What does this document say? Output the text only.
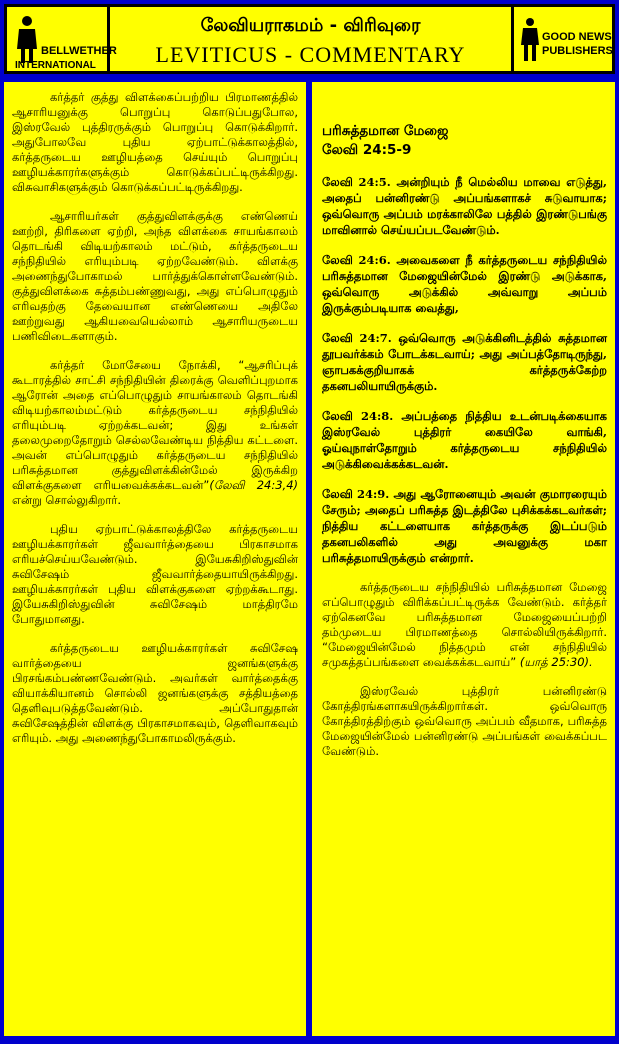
BELLWETHER
INTERNATIONAL
லேவியராகமம் - விரிவுரை
LEVITICUS - COMMENTARY
GOOD NEWS
PUBLISHERS

கர்த்தர் குத்து விளக்கைப்பற்றிய பிரமாணத்தில் ஆசாரியனுக்கு பொறுப்பு கொடுப்பதுபோல, இஸ்ரவேல் புத்திரருக்கும் பொறுப்பு கொடுக்கிறார். அதுபோலவே புதிய ஏற்பாட்டுக்காலத்தில், கர்த்தருடைய ஊழியத்தை செய்யும் பொறுப்பு ஊழியக்காரர்களுக்கும் கொடுக்கப்பட்டிருக்கிறது. விசுவாசிகளுக்கும் கொடுக்கப்பட்டிருக்கிறது.

ஆசாரியர்கள் குத்துவிளக்குக்கு எண்ணெய் ஊற்றி, திரிகளை ஏற்றி, அந்த விளக்கை சாயங்காலம் தொடங்கி விடியற்காலம் மட்டும், கர்த்தருடைய சந்நிதியில் எரியும்படி ஏற்றவேண்டும். விளக்கு அணைந்துபோகாமல் பார்த்துக்கொள்ளவேண்டும். குத்துவிளக்கை சுத்தம்பண்ணுவது, அது எப்பொழுதும் எரிவதற்கு தேவையான எண்ணெயை அதிலே ஊற்றுவது ஆகியவையெல்லாம் ஆசாரியருடைய பணிவிடைகளாகும்.

கர்த்தர் மோசேயை நோக்கி, “ஆசரிப்புக் கூடாரத்தில் சாட்சி சந்நிதியின் திரைக்கு வெளிப்புறமாக ஆரோன் அதை எப்பொழுதும் சாயங்காலம் தொடங்கி விடியற்காலம்மட்டும் கர்த்தருடைய சந்நிதியில் எரியும்படி ஏற்றக்கடவன்; இது உங்கள் தலைமுறைதோறும் செல்லவேண்டிய நித்திய கட்டளை. அவன் எப்பொழுதும் கர்த்தருடைய சந்நிதியில் பரிசுத்தமான குத்துவிளக்கின்மேல் இருக்கிற விளக்குகளை எரியவைக்கக்கடவன்”(லேவி 24:3,4) என்று சொல்லுகிறார்.

புதிய ஏற்பாட்டுக்காலத்திலே கர்த்தருடைய ஊழியக்காரர்கள் ஜீவவார்த்தையை பிரகாசமாக எரியச்செய்யவேண்டும். இயேசுகிறிஸ்துவின் சுவிசேஷம் ஜீவவார்த்தையாயிருக்கிறது. ஊழியக்காரர்கள் புதிய விளக்குகளை ஏற்றக்கூடாது. இயேசுகிறிஸ்துவின் சுவிசேஷம் மாத்திரமே போதுமானது.

கர்த்தருடைய ஊழியக்காரர்கள் சுவிசேஷ வார்த்தையை ஜனங்களுக்கு பிரசங்கம்பண்ணவேண்டும். அவர்கள் வார்த்தைக்கு வியாக்கியானம் சொல்லி ஜனங்களுக்கு சத்தியத்தை தெளிவுபடுத்தவேண்டும். அப்போதுதான் சுவிசேஷத்தின் விளக்கு பிரகாசமாகவும், தெளிவாகவும் எரியும். அது அணைந்துபோகாமலிருக்கும்.

பரிசுத்தமான மேஜை
லேவி 24:5-9

லேவி 24:5. அன்றியும் நீ மெல்லிய மாவை எடுத்து, அதைப் பன்னிரண்டு அப்பங்களாகச் சுடுவாயாக; ஒவ்வொரு அப்பம் மரக்காலிலே பத்தில் இரண்டுபங்கு மாவினால் செய்யப்படவேண்டும்.

லேவி 24:6. அவைகளை நீ கர்த்தருடைய சந்நிதியில் பரிசுத்தமான மேஜையின்மேல் இரண்டு அடுக்காக, ஒவ்வொரு அடுக்கில் அவ்வாறு அப்பம் இருக்கும்படியாக வைத்து,

லேவி 24:7. ஒவ்வொரு அடுக்கினிடத்தில் சுத்தமான தூபவர்க்கம் போடக்கடவாய்; அது அப்பத்தோடிருந்து, ஞாபகக்குறியாகக் கர்த்தருக்கேற்ற தகனபலியாயிருக்கும்.

லேவி 24:8. அப்பத்தை நித்திய உடன்படிக்கையாக இஸ்ரவேல் புத்திரர் கையிலே வாங்கி, ஓய்வுநாள்தோறும் கர்த்தருடைய சந்நிதியில் அடுக்கிவைக்கக்கடவன்.

லேவி 24:9. அது ஆரோனையும் அவன் குமாரரையும் சேரும்; அதைப் பரிசுத்த இடத்திலே புசிக்கக்கடவர்கள்; நித்திய கட்டளையாக கர்த்தருக்கு இடப்படும் தகனபலிகளில் அது அவனுக்கு மகா பரிசுத்தமாயிருக்கும் என்றார்.

கர்த்தருடைய சந்நிதியில் பரிசுத்தமான மேஜை எப்பொழுதும் விரிக்கப்பட்டிருக்க வேண்டும். கர்த்தர் ஏற்கெனவே பரிசுத்தமான மேஜையைப்பற்றி தம்முடைய பிரமாணத்தை சொல்லியிருக்கிறார். “மேஜையின்மேல் நித்தமும் என் சந்நிதியில் சமுகத்தப்பங்களை வைக்கக்கடவாய்” (யாத் 25:30).

இஸ்ரவேல் புத்திரர் பன்னிரண்டு கோத்திரங்களாகயிருக்கிறார்கள். ஒவ்வொரு கோத்திரத்திற்கும் ஒவ்வொரு அப்பம் வீதமாக, பரிசுத்த மேஜையின்மேல் பன்னிரண்டு அப்பங்கள் வைக்கப்பட வேண்டும்.
